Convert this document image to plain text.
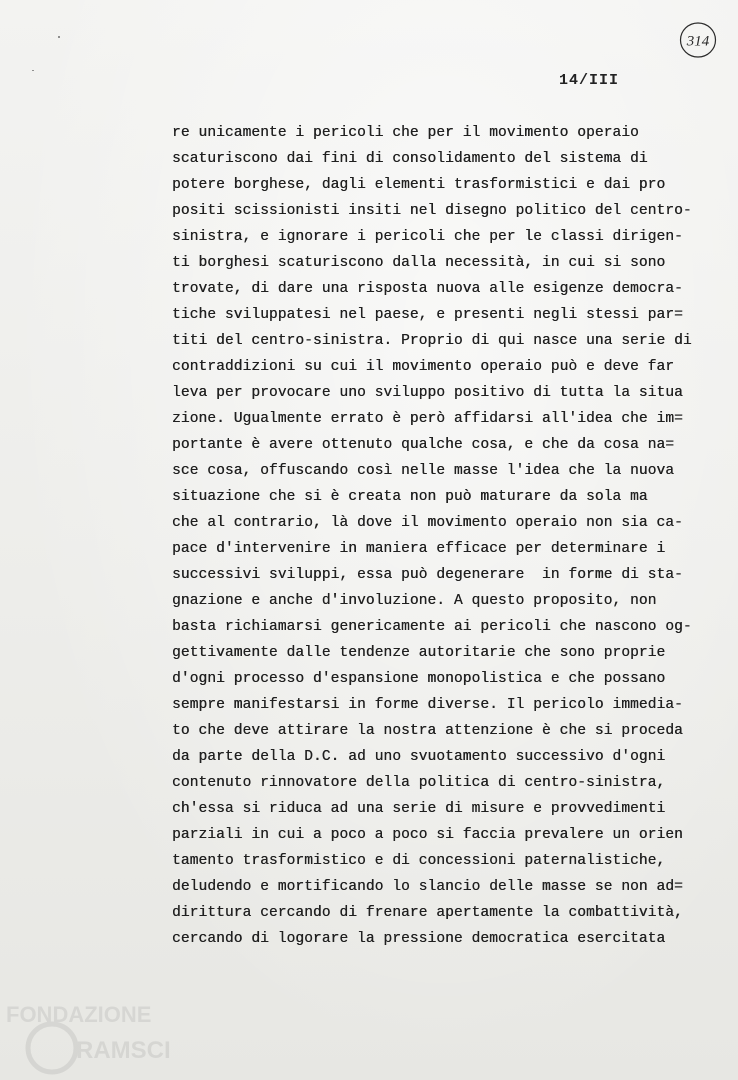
314
14/III
re unicamente i pericoli che per il movimento operaio
scaturiscono dai fini di consolidamento del sistema di
potere borghese, dagli elementi trasformistici e dai pro
positi scissionisti insiti nel disegno politico del centro-
sinistra, e ignorare i pericoli che per le classi dirigen-
ti borghesi scaturiscono dalla necessità, in cui si sono
trovate, di dare una risposta nuova alle esigenze democra-
tiche sviluppatesi nel paese, e presenti negli stessi par=
titi del centro-sinistra. Proprio di qui nasce una serie di
contraddizioni su cui il movimento operaio può e deve far
leva per provocare uno sviluppo positivo di tutta la situa
zione. Ugualmente errato è però affidarsi all'idea che im=
portante è avere ottenuto qualche cosa, e che da cosa na=
sce cosa, offuscando così nelle masse l'idea che la nuova
situazione che si è creata non può maturare da sola ma
che al contrario, là dove il movimento operaio non sia ca-
pace d'intervenire in maniera efficace per determinare i
successivi sviluppi, essa può degenerare  in forme di sta-
gnazione e anche d'involuzione. A questo proposito, non
basta richiamarsi genericamente ai pericoli che nascono og-
gettivamente dalle tendenze autoritarie che sono proprie
d'ogni processo d'espansione monopolistica e che possano
sempre manifestarsi in forme diverse. Il pericolo immedia-
to che deve attirare la nostra attenzione è che si proceda
da parte della D.C. ad uno svuotamento successivo d'ogni
contenuto rinnovatore della politica di centro-sinistra,
ch'essa si riduca ad una serie di misure e provvedimenti
parziali in cui a poco a poco si faccia prevalere un orien
tamento trasformistico e di concessioni paternalistiche,
deludendo e mortificando lo slancio delle masse se non ad=
dirittura cercando di frenare apertamente la combattività,
cercando di logorare la pressione democratica esercitata
FONDAZIONE
RAMSCI
